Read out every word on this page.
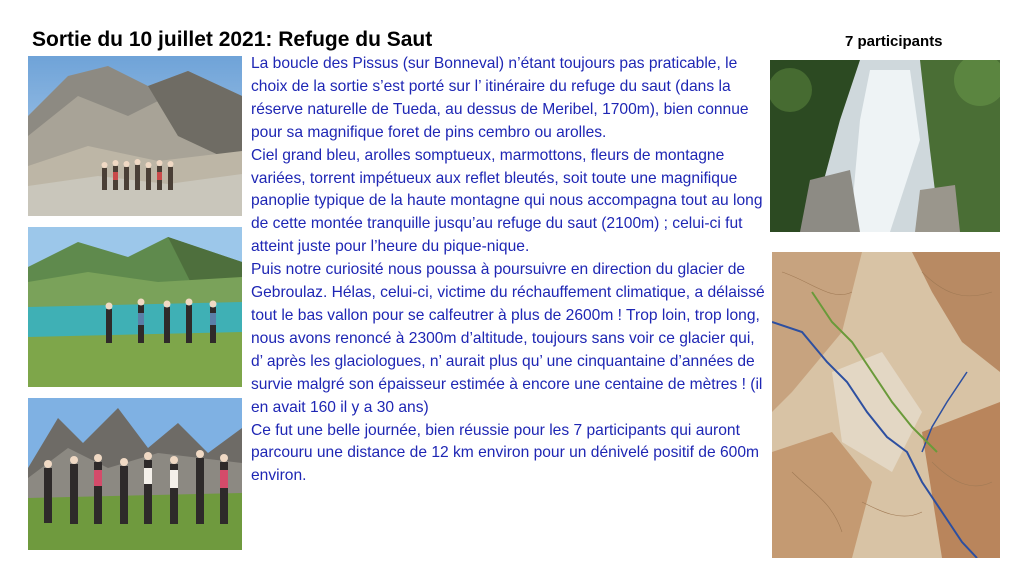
Sortie du 10 juillet 2021: Refuge du Saut	7 participants

La boucle des Pissus (sur Bonneval) n’étant toujours pas praticable, le choix de la sortie s’est porté sur l’ itinéraire du refuge du saut (dans la réserve naturelle de Tueda, au dessus de Meribel, 1700m), bien connue pour sa magnifique foret de pins cembro ou arolles.

Ciel grand bleu, arolles somptueux, marmottons, fleurs de montagne variées, torrent impétueux aux reflet bleutés, soit toute une magnifique panoplie typique de la haute montagne qui nous accompagna tout au long de cette montée tranquille jusqu’au refuge du saut (2100m) ; celui-ci fut atteint juste pour l’heure du pique-nique.

Puis notre curiosité nous poussa à poursuivre en direction du glacier de Gebroulaz. Hélas, celui-ci, victime du réchauffement climatique, a délaissé tout le bas vallon pour se calfeutrer à plus de 2600m ! Trop loin, trop long, nous avons renoncé à 2300m d’altitude, toujours sans voir ce glacier qui, d’ après les glaciologues, n’ aurait plus qu’ une cinquantaine d’années de survie malgré son épaisseur estimée à encore une centaine de mètres ! (il en avait 160 il y a 30 ans)

Ce fut une belle journée, bien réussie pour les 7 participants qui auront parcouru une distance de 12 km environ pour un dénivelé positif de 600m environ.
